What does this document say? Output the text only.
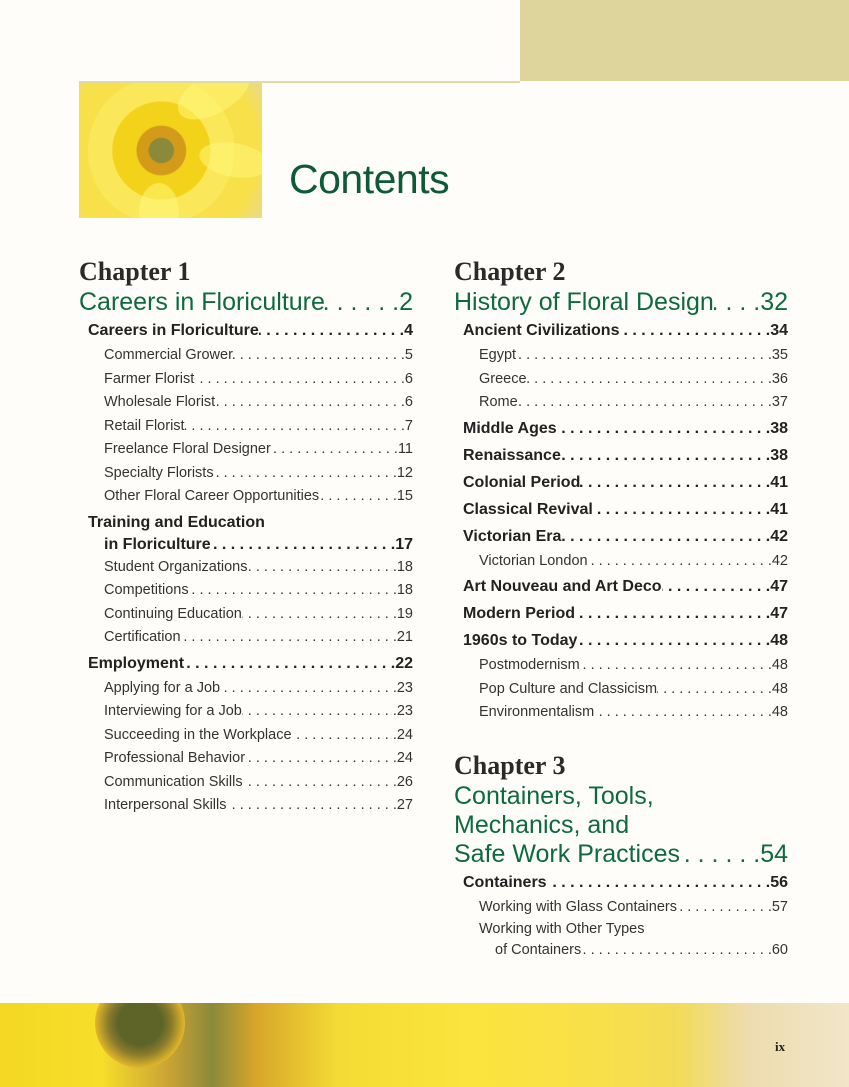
Contents
Chapter 1
Careers in Floriculture . . .	2
Careers in Floriculture . . .	4
Commercial Grower . . .	5
Farmer Florist . . .	6
Wholesale Florist . . .	6
Retail Florist . . .	7
Freelance Floral Designer . . .	11
Specialty Florists . . .	12
Other Floral Career Opportunities . . .	15
Training and Education
in Floriculture . . .	17
Student Organizations . . .	18
Competitions . . .	18
Continuing Education . . .	19
Certification . . .	21
Employment . . .	22
Applying for a Job . . .	23
Interviewing for a Job . . .	23
Succeeding in the Workplace . . .	24
Professional Behavior . . .	24
Communication Skills . . .	26
Interpersonal Skills . . .	27
Chapter 2
History of Floral Design . . . 32
Ancient Civilizations . . .	34
Egypt . . .	35
Greece . . .	36
Rome . . .	37
Middle Ages . . .	38
Renaissance . . .	38
Colonial Period . . .	41
Classical Revival . . .	41
Victorian Era . . .	42
Victorian London . . .	42
Art Nouveau and Art Deco . . .	47
Modern Period . . .	47
1960s to Today . . .	48
Postmodernism . . .	48
Pop Culture and Classicism . . .	48
Environmentalism . . .	48
Chapter 3
Containers, Tools,
Mechanics, and
Safe Work Practices . . .	54
Containers . . .	56
Working with Glass Containers . . .	57
Working with Other Types
of Containers . . .	60
ix
